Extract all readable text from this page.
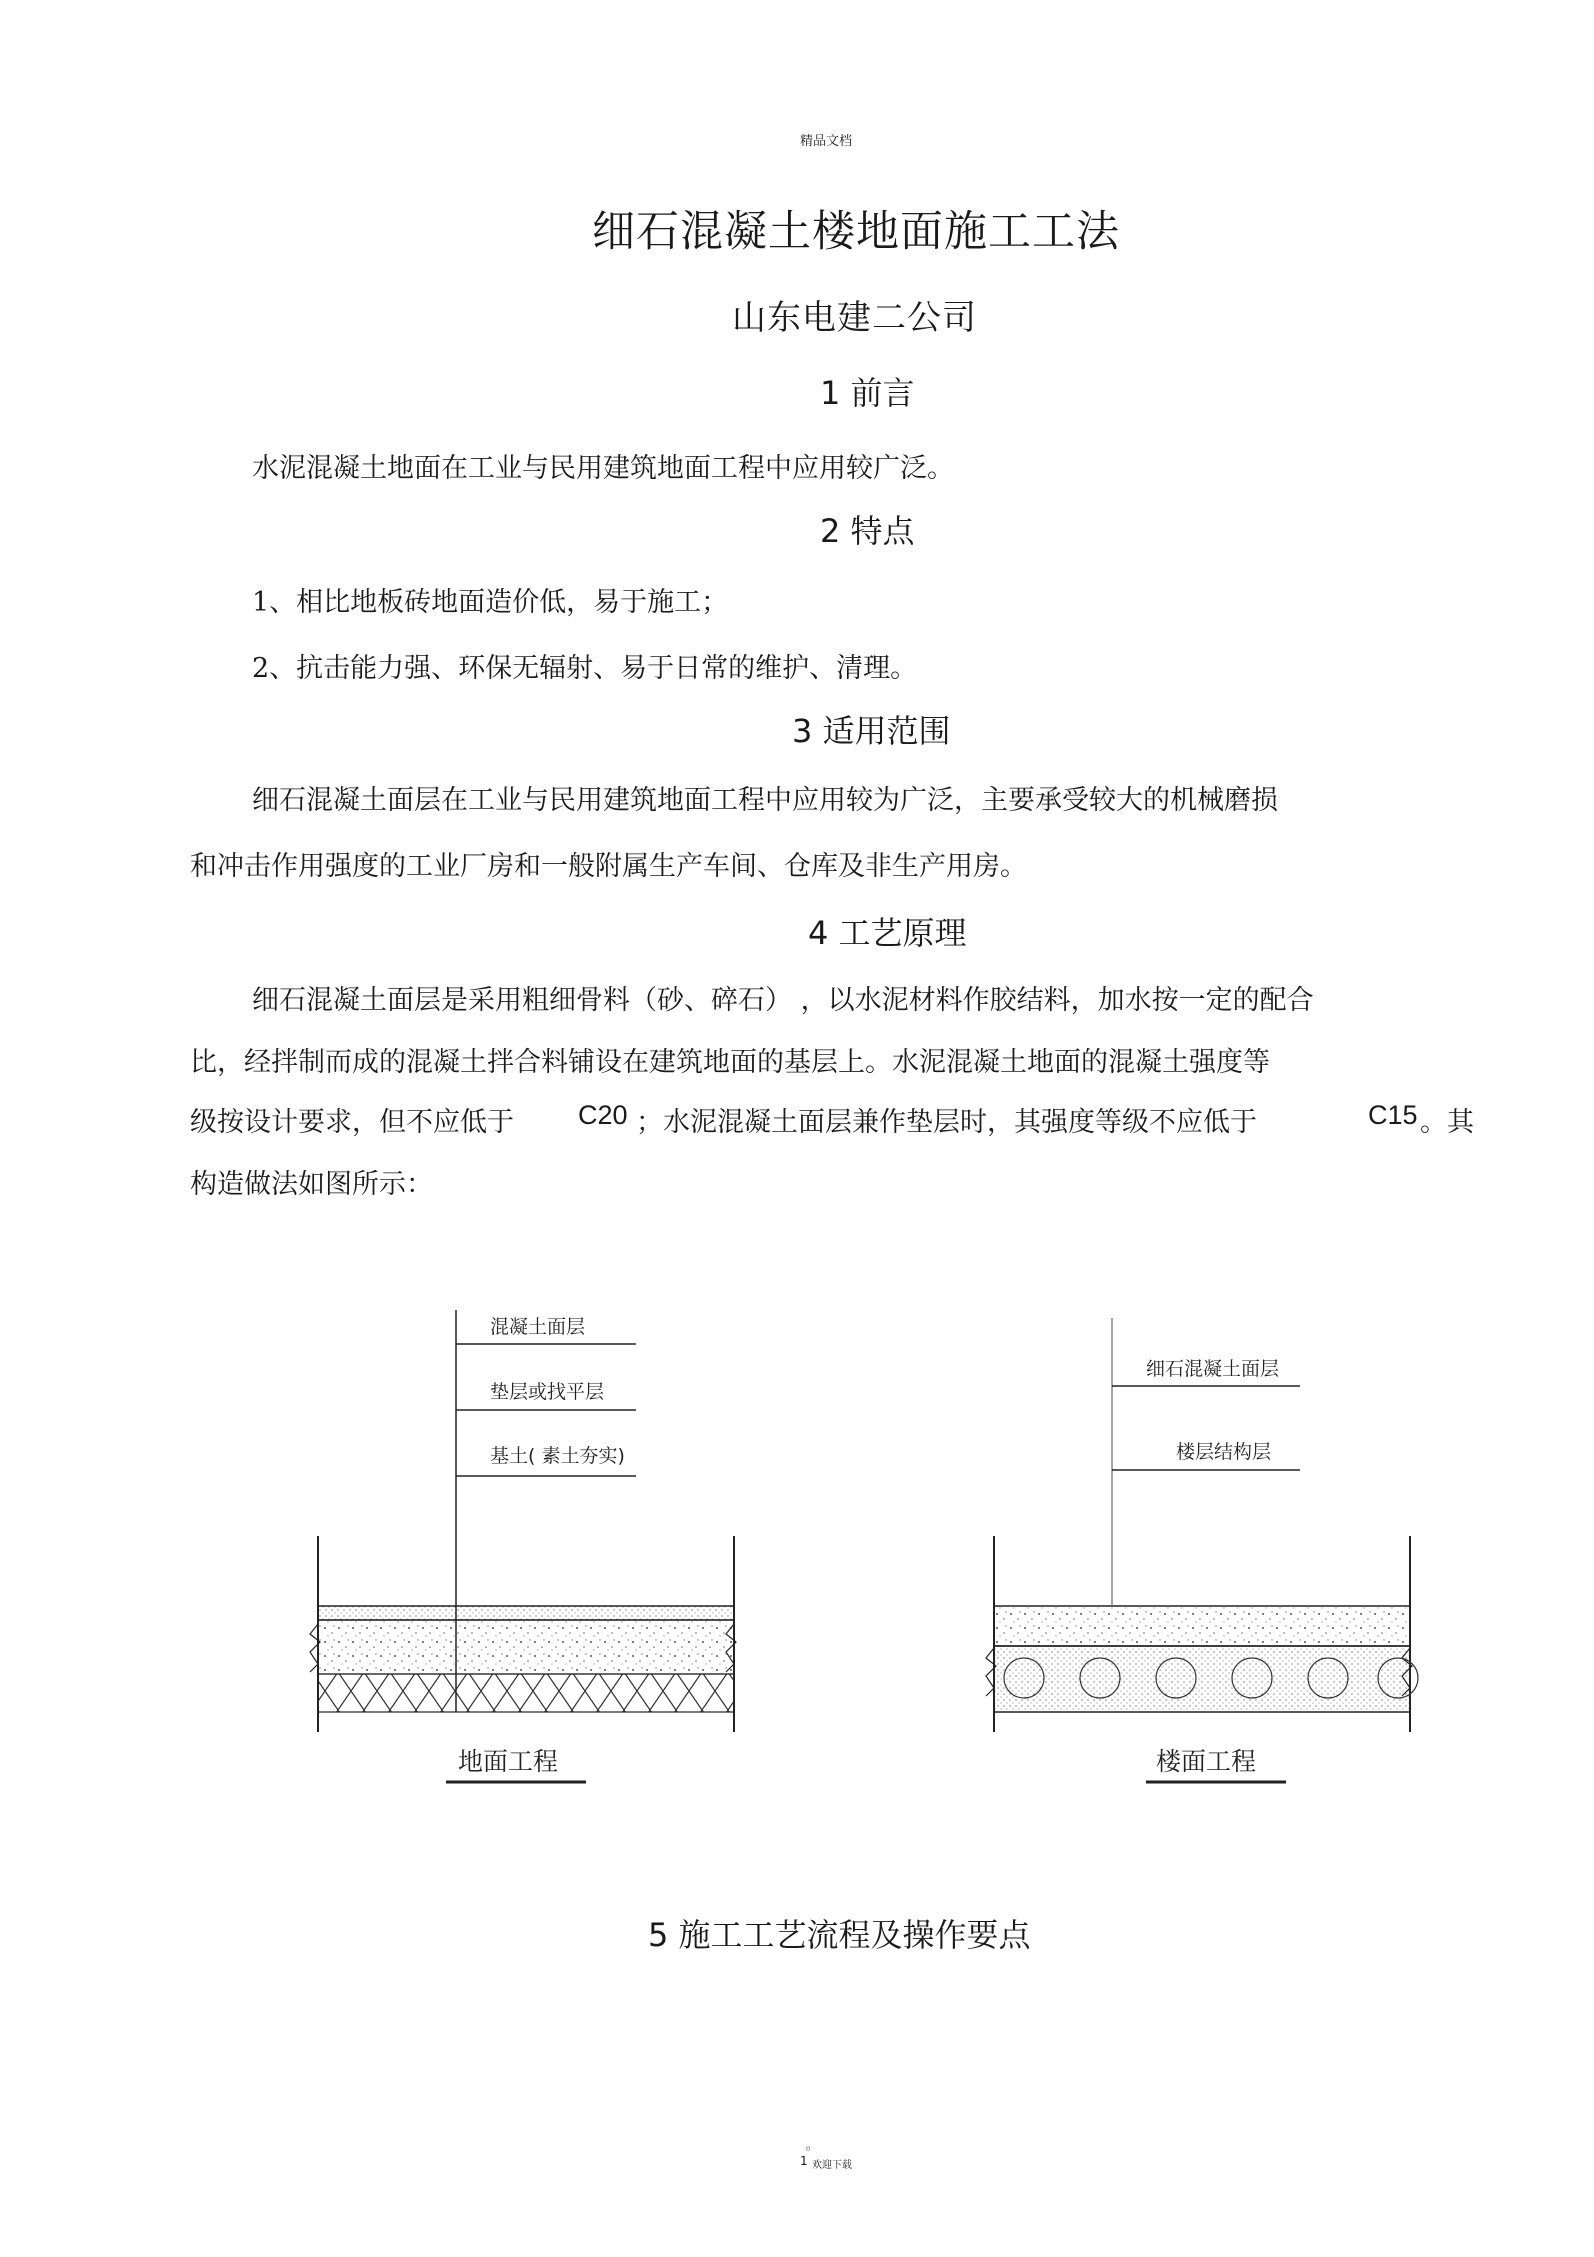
精品文档
细石混凝土楼地面施工工法
山东电建二公司
1 前言
水泥混凝土地面在工业与民用建筑地面工程中应用较广泛。
2 特点
1、相比地板砖地面造价低，易于施工；
2、抗击能力强、环保无辐射、易于日常的维护、清理。
3 适用范围
细石混凝土面层在工业与民用建筑地面工程中应用较为广泛，主要承受较大的机械磨损
和冲击作用强度的工业厂房和一般附属生产车间、仓库及非生产用房。
4 工艺原理
细石混凝土面层是采用粗细骨料（砂、碎石） ，以水泥材料作胶结料，加水按一定的配合
比，经拌制而成的混凝土拌合料铺设在建筑地面的基层上。水泥混凝土地面的混凝土强度等
级按设计要求，但不应低于 C20 ；水泥混凝土面层兼作垫层时，其强度等级不应低于	C15 。其
构造做法如图所示：
混凝土面层
垫层或找平层
基土( 素土夯实)
地面工程
细石混凝土面层
楼层结构层
楼面工程
5 施工工艺流程及操作要点
。
1 欢迎下载
